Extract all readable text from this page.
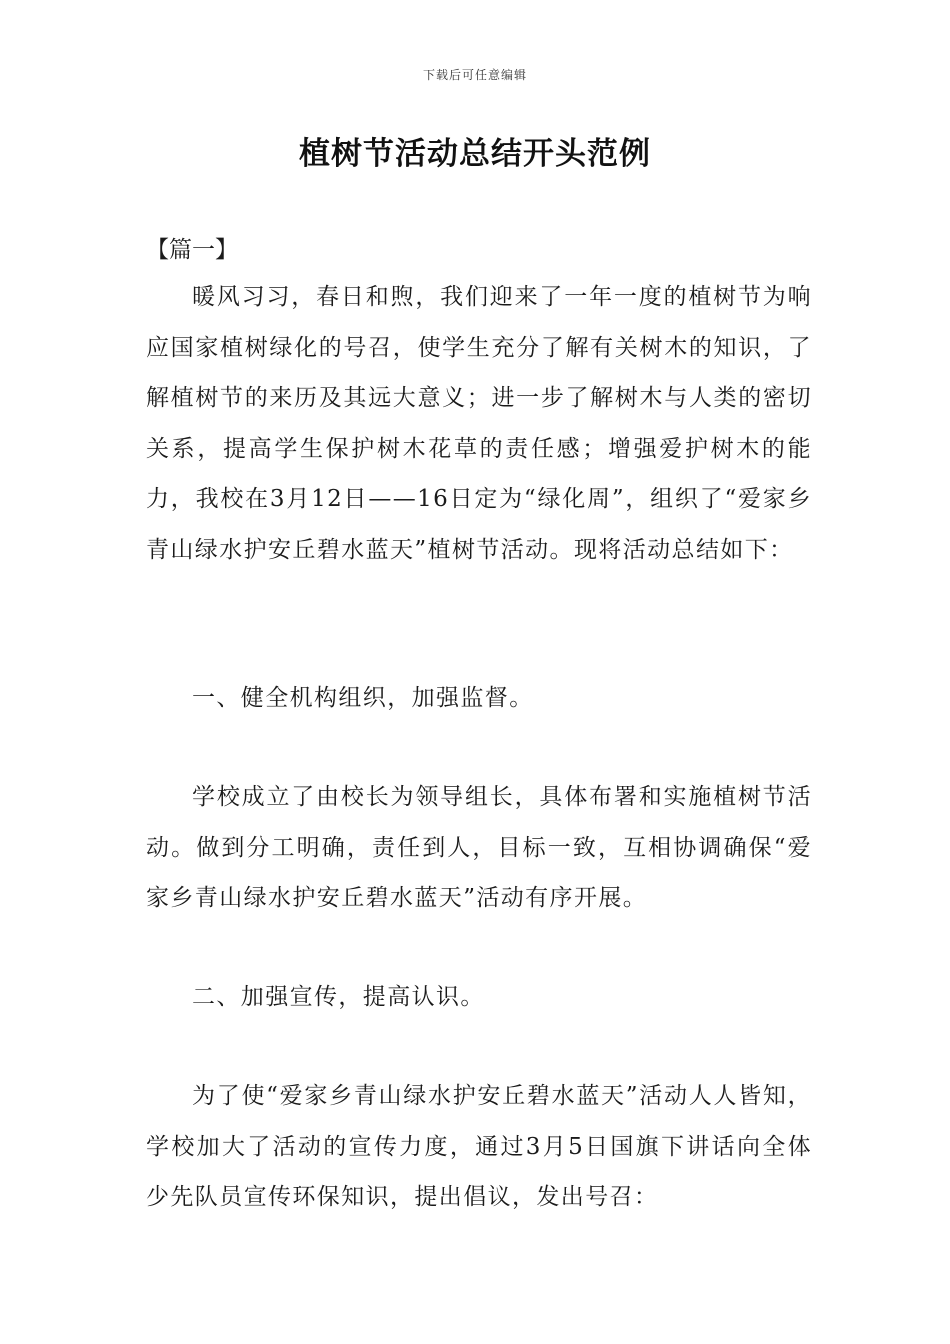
下载后可任意编辑
植树节活动总结开头范例
【篇一】

暖风习习，春日和煦，我们迎来了一年一度的植树节为响应国家植树绿化的号召，使学生充分了解有关树木的知识，了解植树节的来历及其远大意义；进一步了解树木与人类的密切关系，提高学生保护树木花草的责任感；增强爱护树木的能力，我校在3月12日——16日定为“绿化周”，组织了“爱家乡青山绿水护安丘碧水蓝天”植树节活动。现将活动总结如下：

一、健全机构组织，加强监督。

学校成立了由校长为领导组长，具体布署和实施植树节活动。做到分工明确，责任到人，目标一致，互相协调确保“爱家乡青山绿水护安丘碧水蓝天”活动有序开展。

二、加强宣传，提高认识。

为了使“爱家乡青山绿水护安丘碧水蓝天”活动人人皆知，学校加大了活动的宣传力度，通过3月5日国旗下讲话向全体少先队员宣传环保知识，提出倡议，发出号召：
